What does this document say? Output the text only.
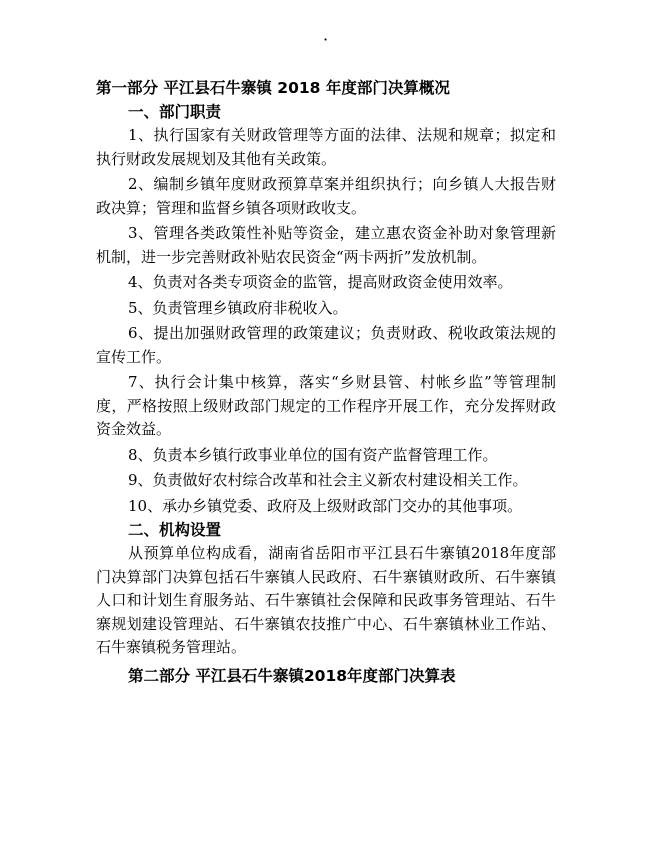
·

第一部分 平江县石牛寨镇 2018 年度部门决算概况

一、部门职责

1、执行国家有关财政管理等方面的法律、法规和规章；拟定和执行财政发展规划及其他有关政策。

2、编制乡镇年度财政预算草案并组织执行；向乡镇人大报告财政决算；管理和监督乡镇各项财政收支。

3、管理各类政策性补贴等资金，建立惠农资金补助对象管理新机制，进一步完善财政补贴农民资金“两卡两折”发放机制。

4、负责对各类专项资金的监管，提高财政资金使用效率。

5、负责管理乡镇政府非税收入。

6、提出加强财政管理的政策建议；负责财政、税收政策法规的宣传工作。

7、执行会计集中核算，落实“乡财县管、村帐乡监”等管理制度，严格按照上级财政部门规定的工作程序开展工作，充分发挥财政资金效益。

8、负责本乡镇行政事业单位的国有资产监督管理工作。

9、负责做好农村综合改革和社会主义新农村建设相关工作。

10、承办乡镇党委、政府及上级财政部门交办的其他事项。

二、机构设置

从预算单位构成看，湖南省岳阳市平江县石牛寨镇2018年度部门决算部门决算包括石牛寨镇人民政府、石牛寨镇财政所、石牛寨镇人口和计划生育服务站、石牛寨镇社会保障和民政事务管理站、石牛寨规划建设管理站、石牛寨镇农技推广中心、石牛寨镇林业工作站、石牛寨镇税务管理站。

第二部分 平江县石牛寨镇2018年度部门决算表
